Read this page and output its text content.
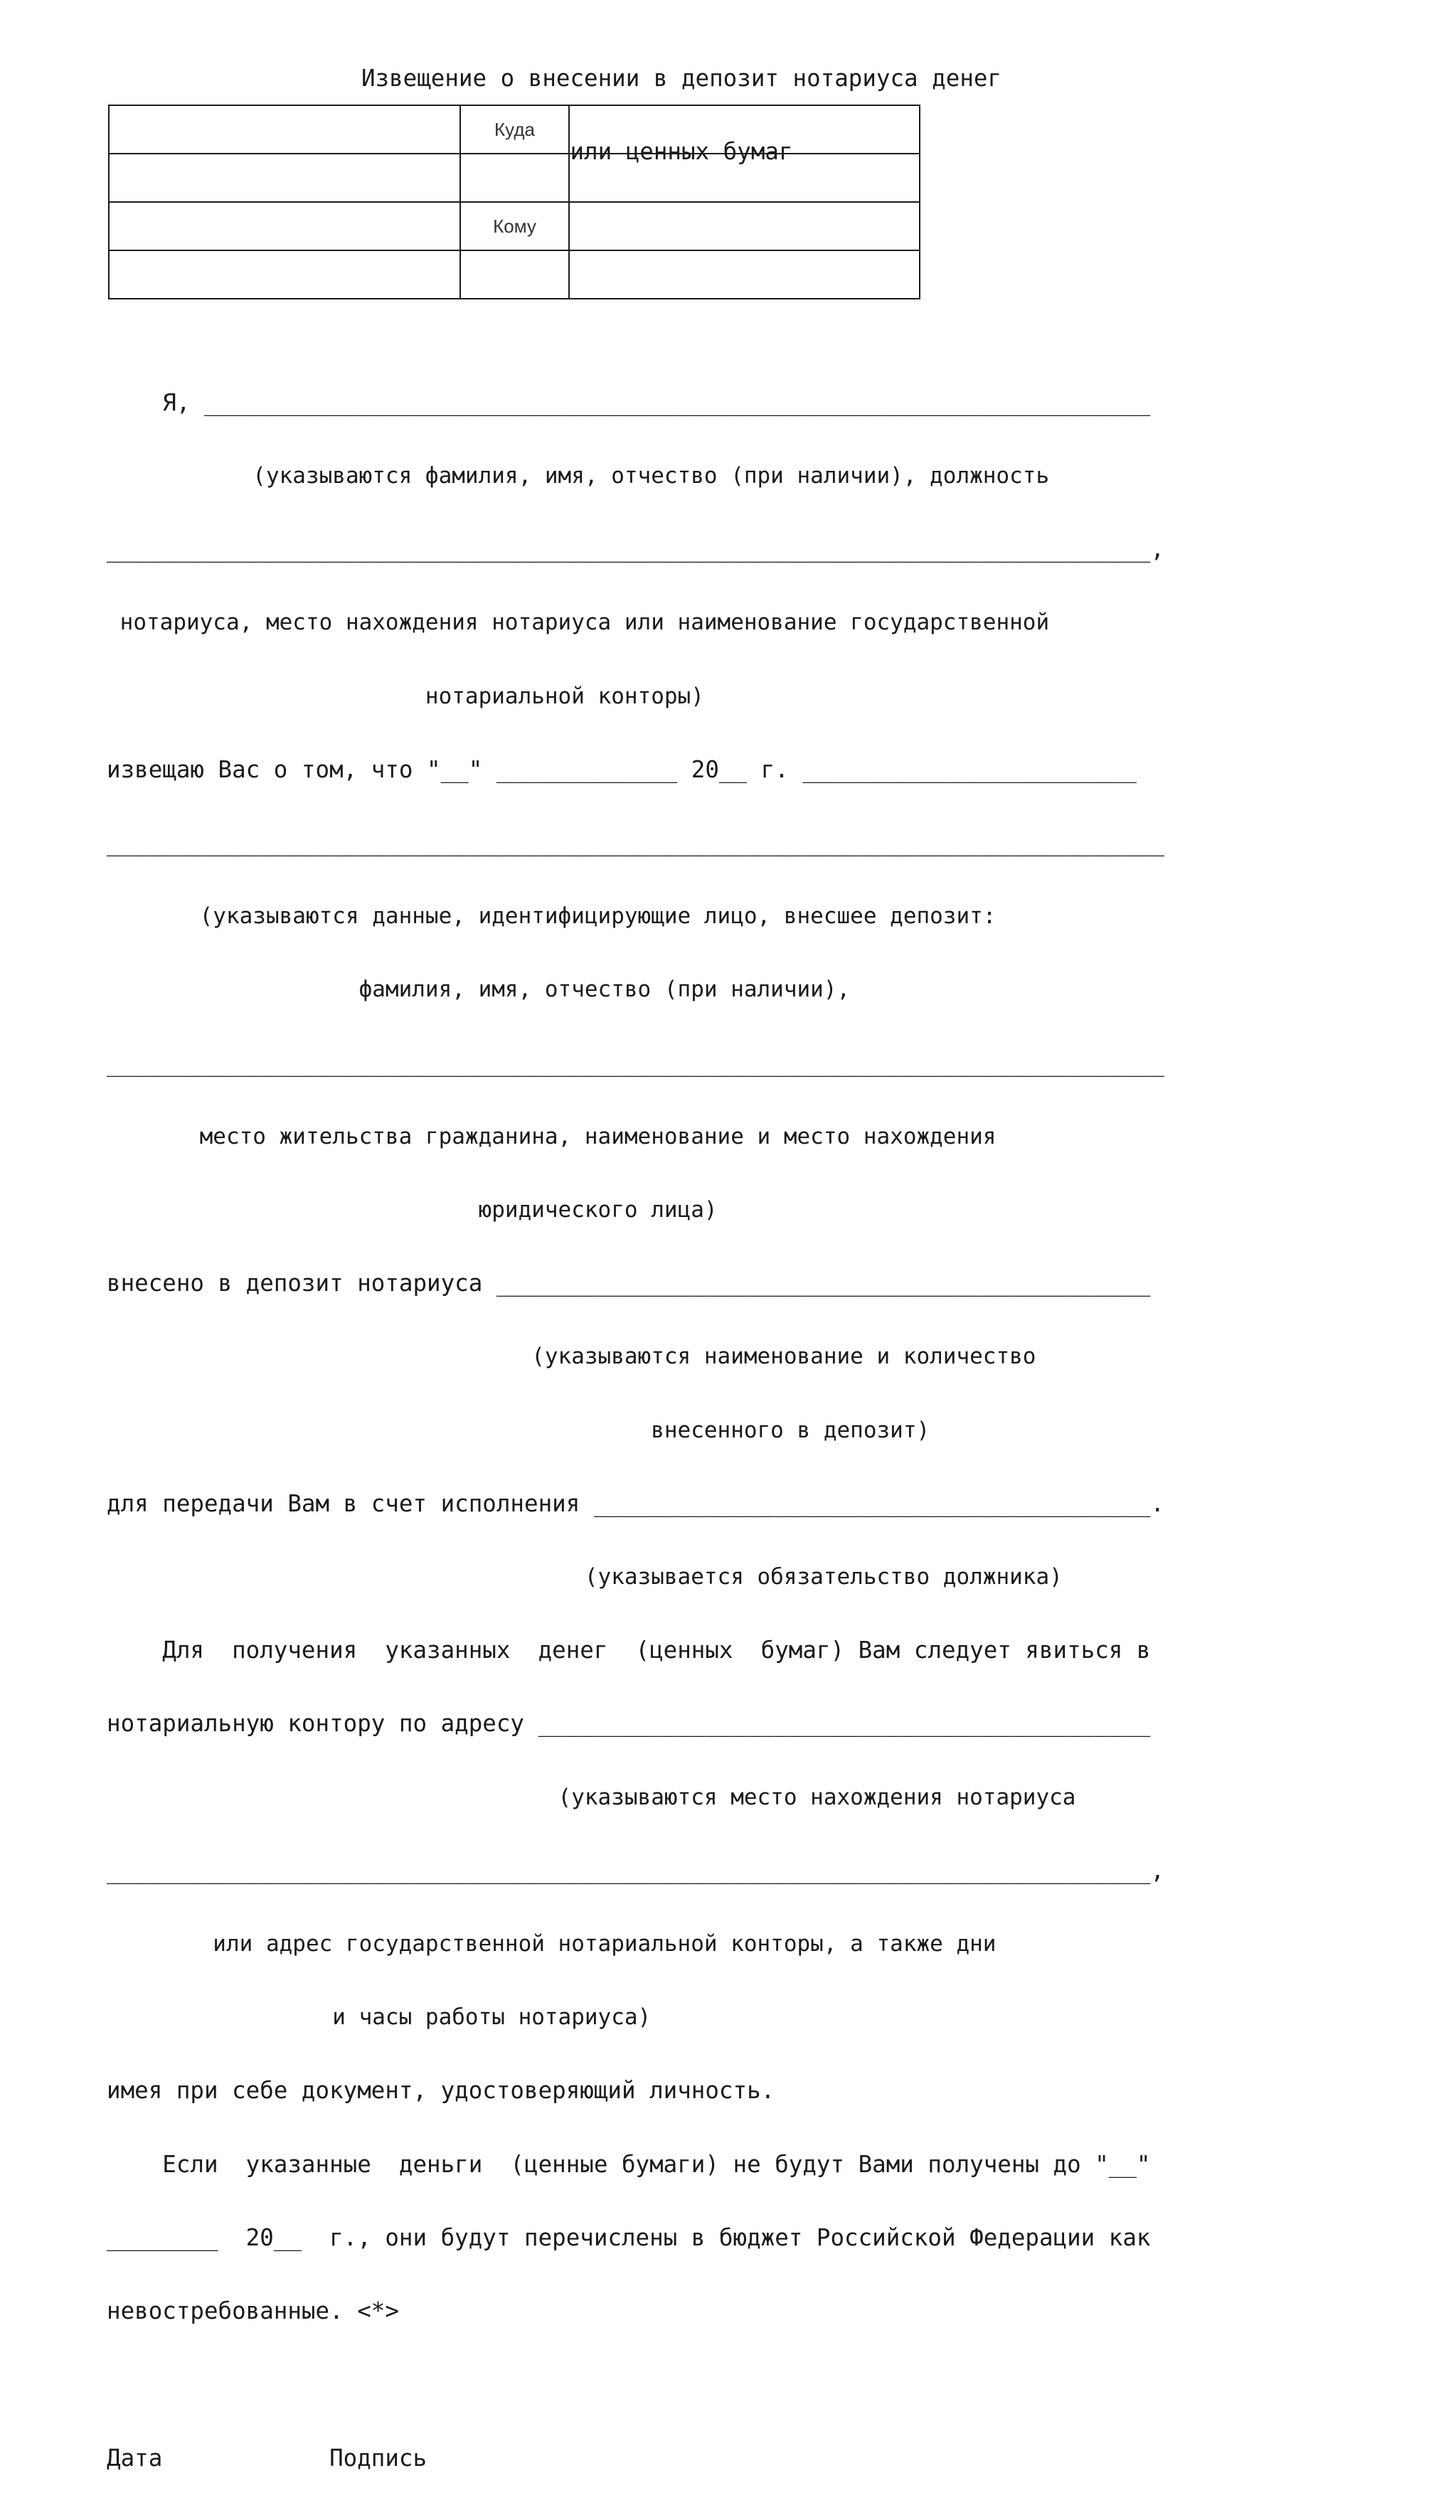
Извещение о внесении в депозит нотариуса денег

или ценных бумаг

	Куда	

	Кому	

Я, ____________________________________________________________________

(указываются фамилия, имя, отчество (при наличии), должность

___________________________________________________________________________,

нотариуса, место нахождения нотариуса или наименование государственной

нотариальной конторы)

извещаю Вас о том, что "__" _____________ 20__ г. ________________________

____________________________________________________________________________

(указываются данные, идентифицирующие лицо, внесшее депозит:

фамилия, имя, отчество (при наличии),

____________________________________________________________________________

место жительства гражданина, наименование и место нахождения

юридического лица)

внесено в депозит нотариуса _______________________________________________

(указываются наименование и количество

внесенного в депозит)

для передачи Вам в счет исполнения ________________________________________.

(указывается обязательство должника)

Для  получения  указанных  денег  (ценных  бумаг) Вам следует явиться в

нотариальную контору по адресу ____________________________________________

(указываются место нахождения нотариуса

___________________________________________________________________________,

или адрес государственной нотариальной конторы, а также дни

и часы работы нотариуса)

имея при себе документ, удостоверяющий личность.

Если  указанные  деньги  (ценные бумаги) не будут Вами получены до "__"

________  20__  г., они будут перечислены в бюджет Российской Федерации как

невостребованные. <*>

Дата            Подпись
